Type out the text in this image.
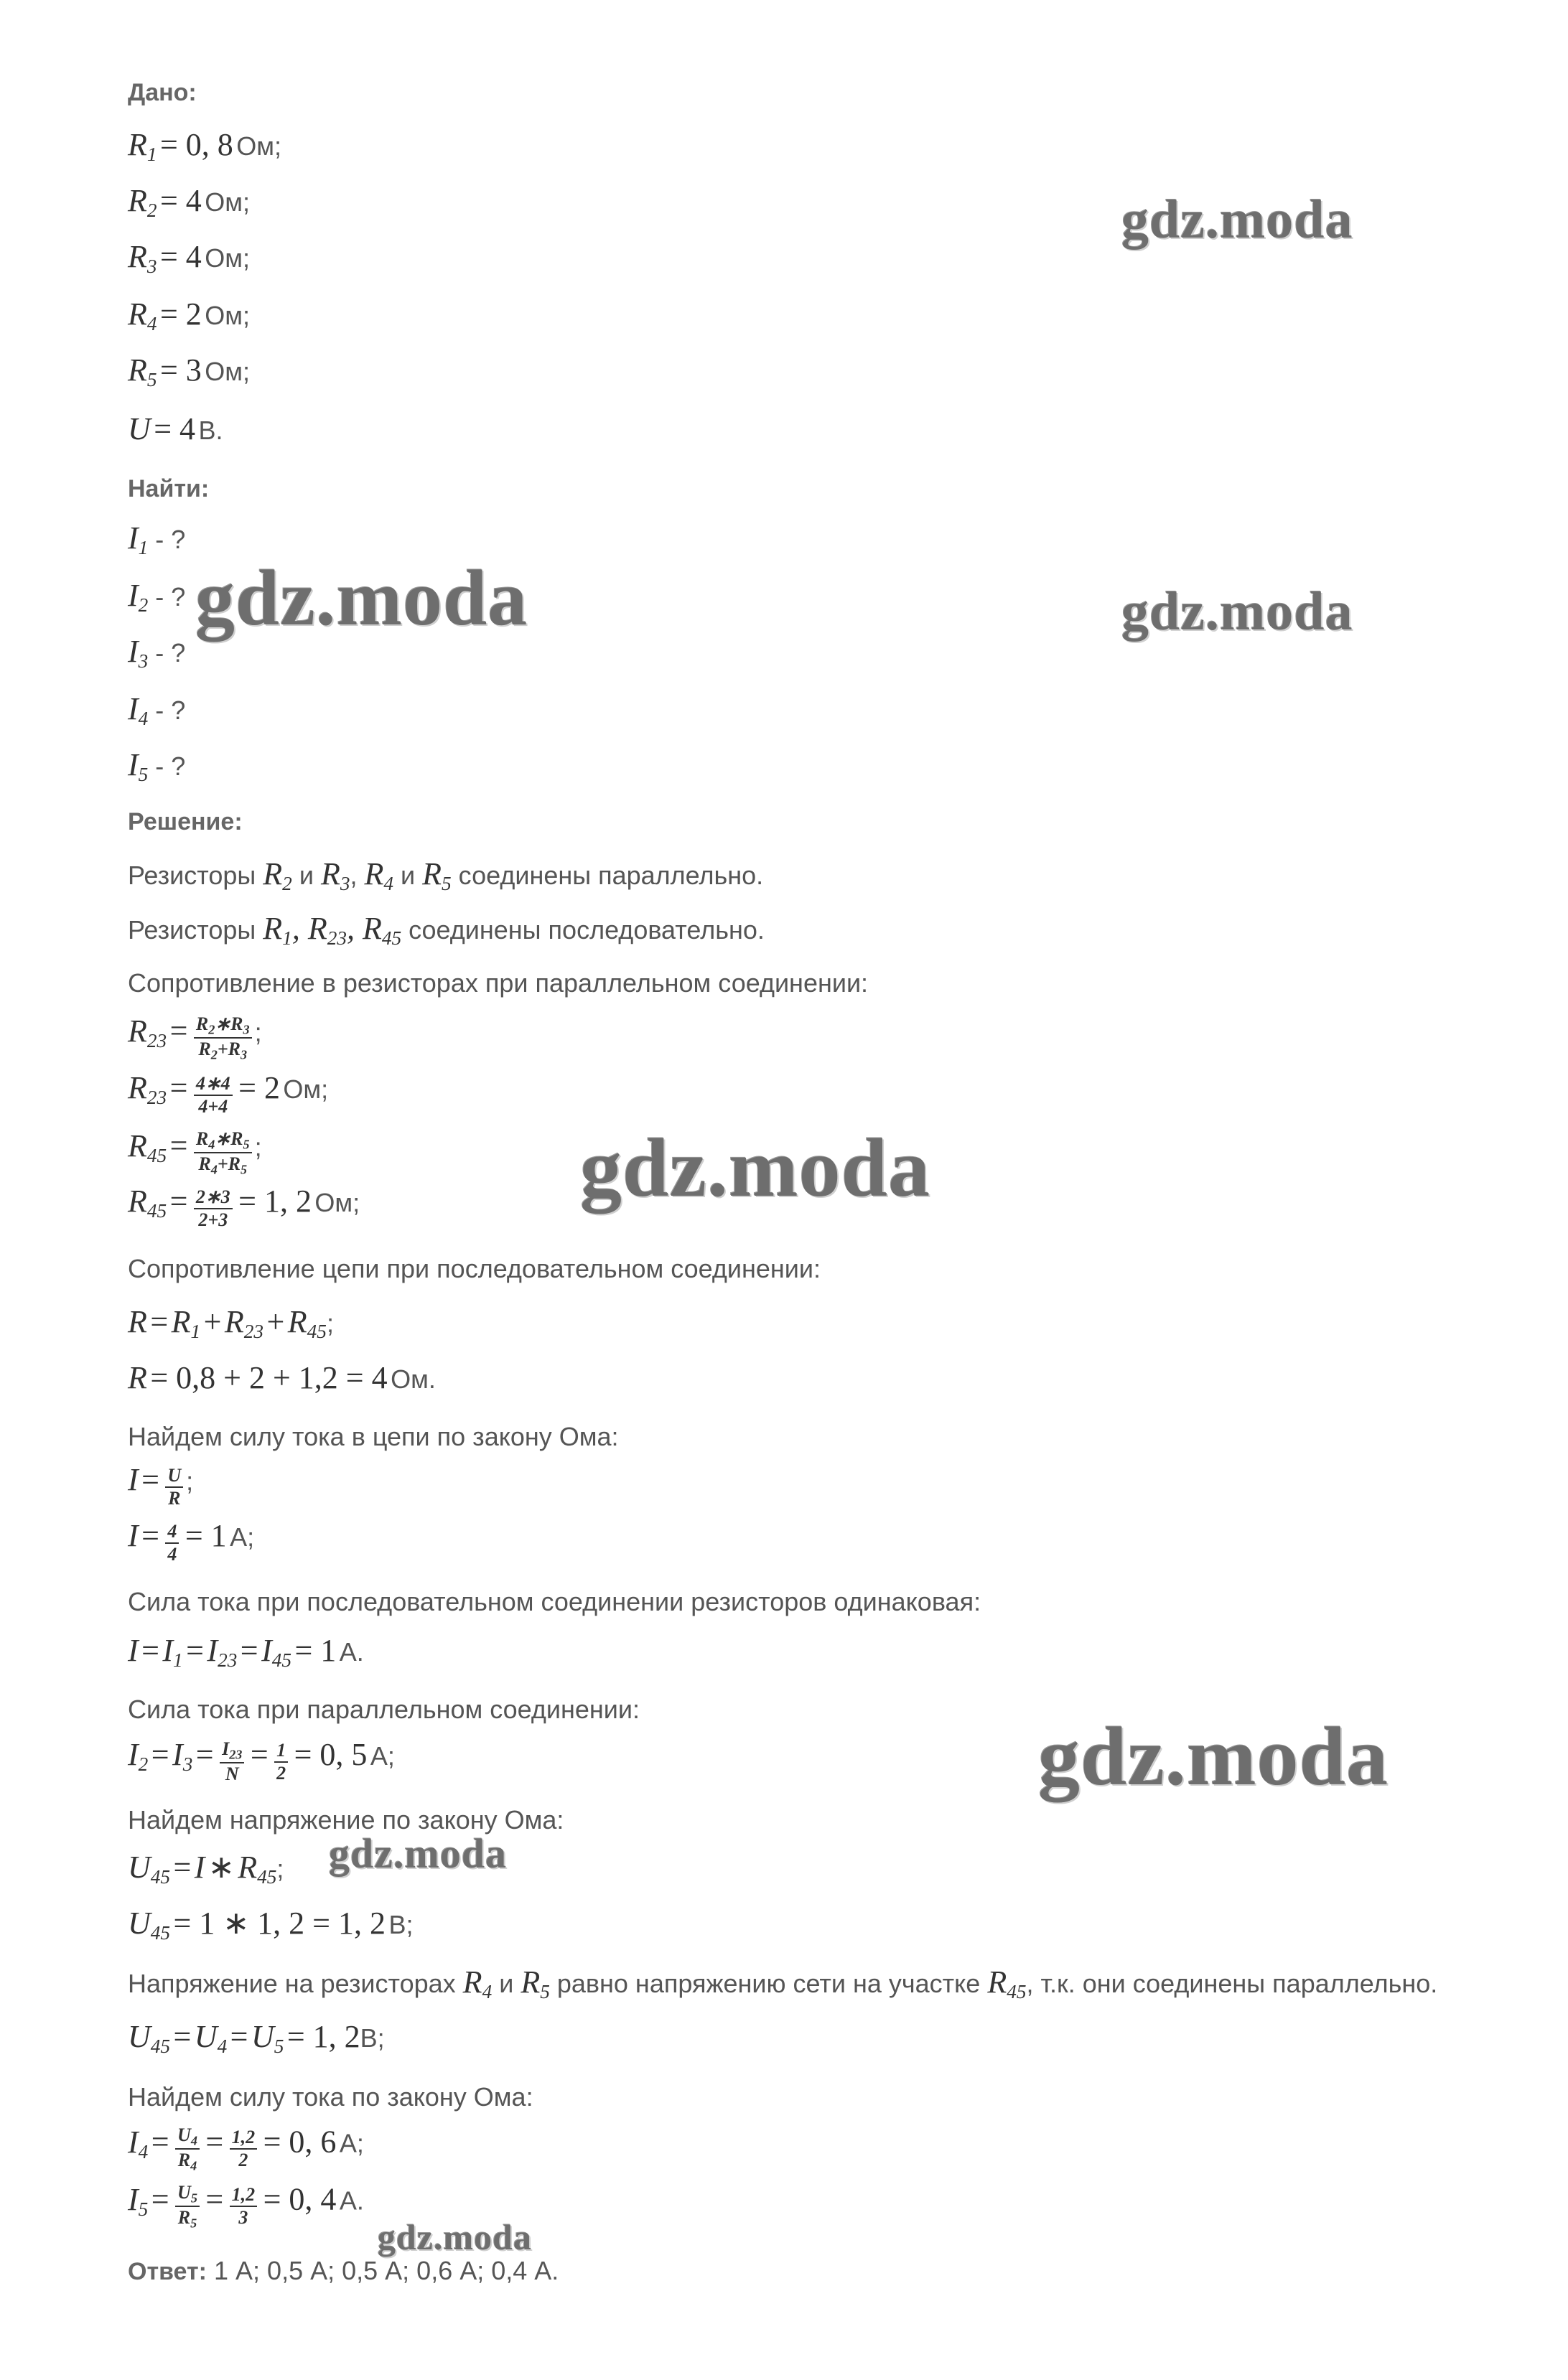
Дано:
$R_1 = 0$, 8 Ом;
$R_2 = 4$ Ом;
$R_3 = 4$ Ом;
$R_4 = 2$ Ом;
$R_5 = 3$ Ом;
U = 4 В.
Найти:
$I_1$ - ?
$I_2$ - ?
$I_3$ - ?
$I_4$ - ?
$I_5$ - ?
Решение:
Резисторы $R_2$ и $R_3$, $R_4$ и $R_5$ соединены параллельно.
Резисторы $R_1$, $R_{23}$, $R_{45}$ соединены последовательно.
Сопротивление в резисторах при параллельном соединении:
$R_{23} = \frac{R_2∗R_3}{R_2+R_3}$ ;
$R_{23} = \frac{4∗4}{4+4} = 2$ Ом;
$R_{45} = \frac{R_4∗R_5}{R_4+R_5}$ ;
$R_{45} = \frac{2∗3}{2+3} = 1$, 2 Ом;
Сопротивление цепи при последовательном соединении:
$R = R_1 + R_{23} + R_{45}$;
R = 0,8 + 2 + 1,2 = 4 Ом.
Найдем силу тока в цепи по закону Ома:
$I = \frac{U}{R}$ ;
$I = \frac{4}{4} = 1$ А;
Сила тока при последовательном соединении резисторов одинаковая:
$I = I_1 = I_{23} = I_{45} = 1$ А.
Сила тока при параллельном соединении:
$I_2 = I_3 = \frac{I_{23}}{N} = \frac{1}{2} = 0$, 5 А;
Найдем напряжение по закону Ома:
$U_{45} = I$ ∗ $R_{45}$;
$U_{45} = 1$ ∗ 1, 2 = 1, 2 В;
Напряжение на резисторах $R_4$ и $R_5$ равно напряжению сети на участке $R_{45}$, т.к. они соединены параллельно.
$U_{45} = U_4 = U_5 = 1$, 2В;
Найдем силу тока по закону Ома:
$I_4 = \frac{U_4}{R_4} = \frac{1,2}{2} = 0$, 6 А;
$I_5 = \frac{U_5}{R_5} = \frac{1,2}{3} = 0$, 4 А.
Ответ: 1 А; 0,5 А; 0,5 А; 0,6 А; 0,4 А.
gdz.moda
gdz.moda	gdz.moda
gdz.moda
gdz.moda
gdz.moda
gdz.moda
